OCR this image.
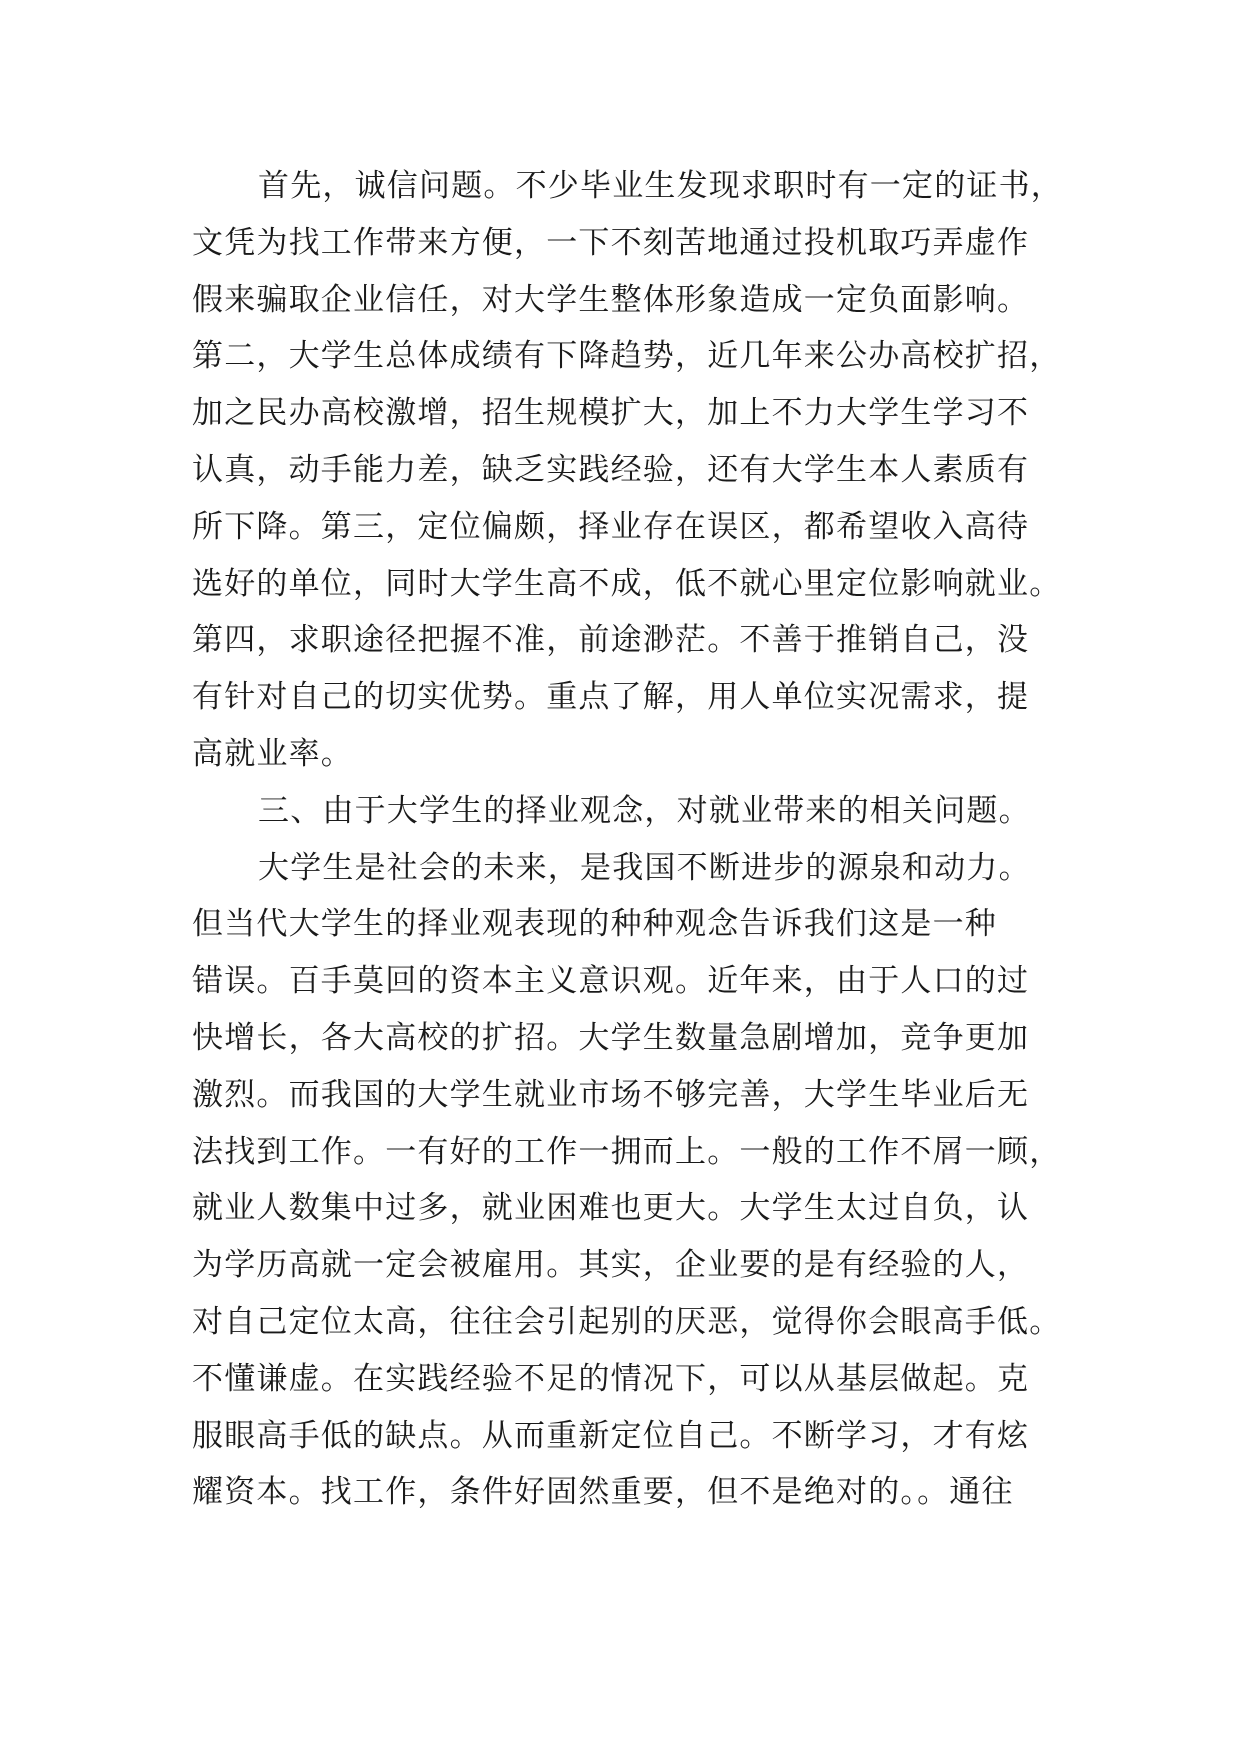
首先，诚信问题。不少毕业生发现求职时有一定的证书，
文凭为找工作带来方便，一下不刻苦地通过投机取巧弄虚作
假来骗取企业信任，对大学生整体形象造成一定负面影响。
第二，大学生总体成绩有下降趋势，近几年来公办高校扩招，
加之民办高校激增，招生规模扩大，加上不力大学生学习不
认真，动手能力差，缺乏实践经验，还有大学生本人素质有
所下降。第三，定位偏颇，择业存在误区，都希望收入高待
选好的单位，同时大学生高不成，低不就心里定位影响就业。
第四，求职途径把握不准，前途渺茫。不善于推销自己，没
有针对自己的切实优势。重点了解，用人单位实况需求，提
高就业率。
三、由于大学生的择业观念，对就业带来的相关问题。
大学生是社会的未来，是我国不断进步的源泉和动力。
但当代大学生的择业观表现的种种观念告诉我们这是一种
错误。百手莫回的资本主义意识观。近年来，由于人口的过
快增长，各大高校的扩招。大学生数量急剧增加，竞争更加
激烈。而我国的大学生就业市场不够完善，大学生毕业后无
法找到工作。一有好的工作一拥而上。一般的工作不屑一顾，
就业人数集中过多，就业困难也更大。大学生太过自负，认
为学历高就一定会被雇用。其实，企业要的是有经验的人，
对自己定位太高，往往会引起别的厌恶，觉得你会眼高手低。
不懂谦虚。在实践经验不足的情况下，可以从基层做起。克
服眼高手低的缺点。从而重新定位自己。不断学习，才有炫
耀资本。找工作，条件好固然重要，但不是绝对的。。通往
